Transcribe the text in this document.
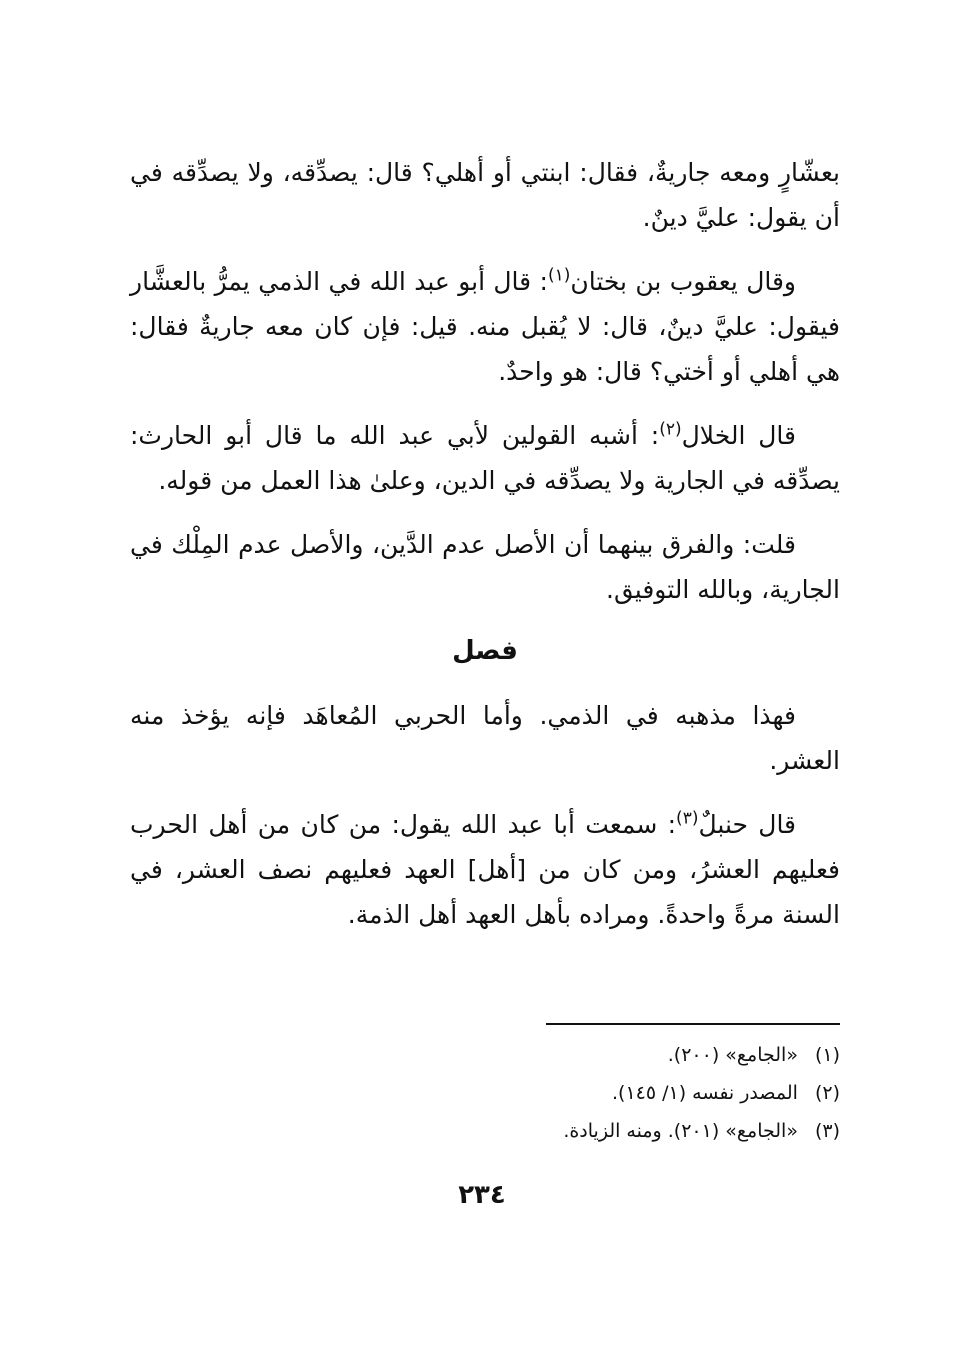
بعشّارٍ ومعه جاريةٌ، فقال: ابنتي أو أهلي؟ قال: يصدِّقه، ولا يصدِّقه في أن يقول: عليَّ دينٌ.

وقال يعقوب بن بختان$^{(١)}$: قال أبو عبد الله في الذمي يمرُّ بالعشَّار فيقول: عليَّ دينٌ، قال: لا يُقبل منه. قيل: فإن كان معه جاريةٌ فقال: هي أهلي أو أختي؟ قال: هو واحدٌ.

قال الخلال$^{(٢)}$: أشبه القولين لأبي عبد الله ما قال أبو الحارث: يصدِّقه في الجارية ولا يصدِّقه في الدين، وعلىٰ هذا العمل من قوله.

قلت: والفرق بينهما أن الأصل عدم الدَّين، والأصل عدم المِلْك في الجارية، وبالله التوفيق.

فصل

فهذا مذهبه في الذمي. وأما الحربي المُعاهَد فإنه يؤخذ منه العشر.

قال حنبلٌ$^{(٣)}$: سمعت أبا عبد الله يقول: من كان من أهل الحرب فعليهم العشرُ، ومن كان من [أهل] العهد فعليهم نصف العشر، في السنة مرةً واحدةً. ومراده بأهل العهد أهل الذمة.

(١) «الجامع» (٢٠٠).
(٢) المصدر نفسه (١/ ١٤٥).
(٣) «الجامع» (٢٠١). ومنه الزيادة.
٢٣٤
